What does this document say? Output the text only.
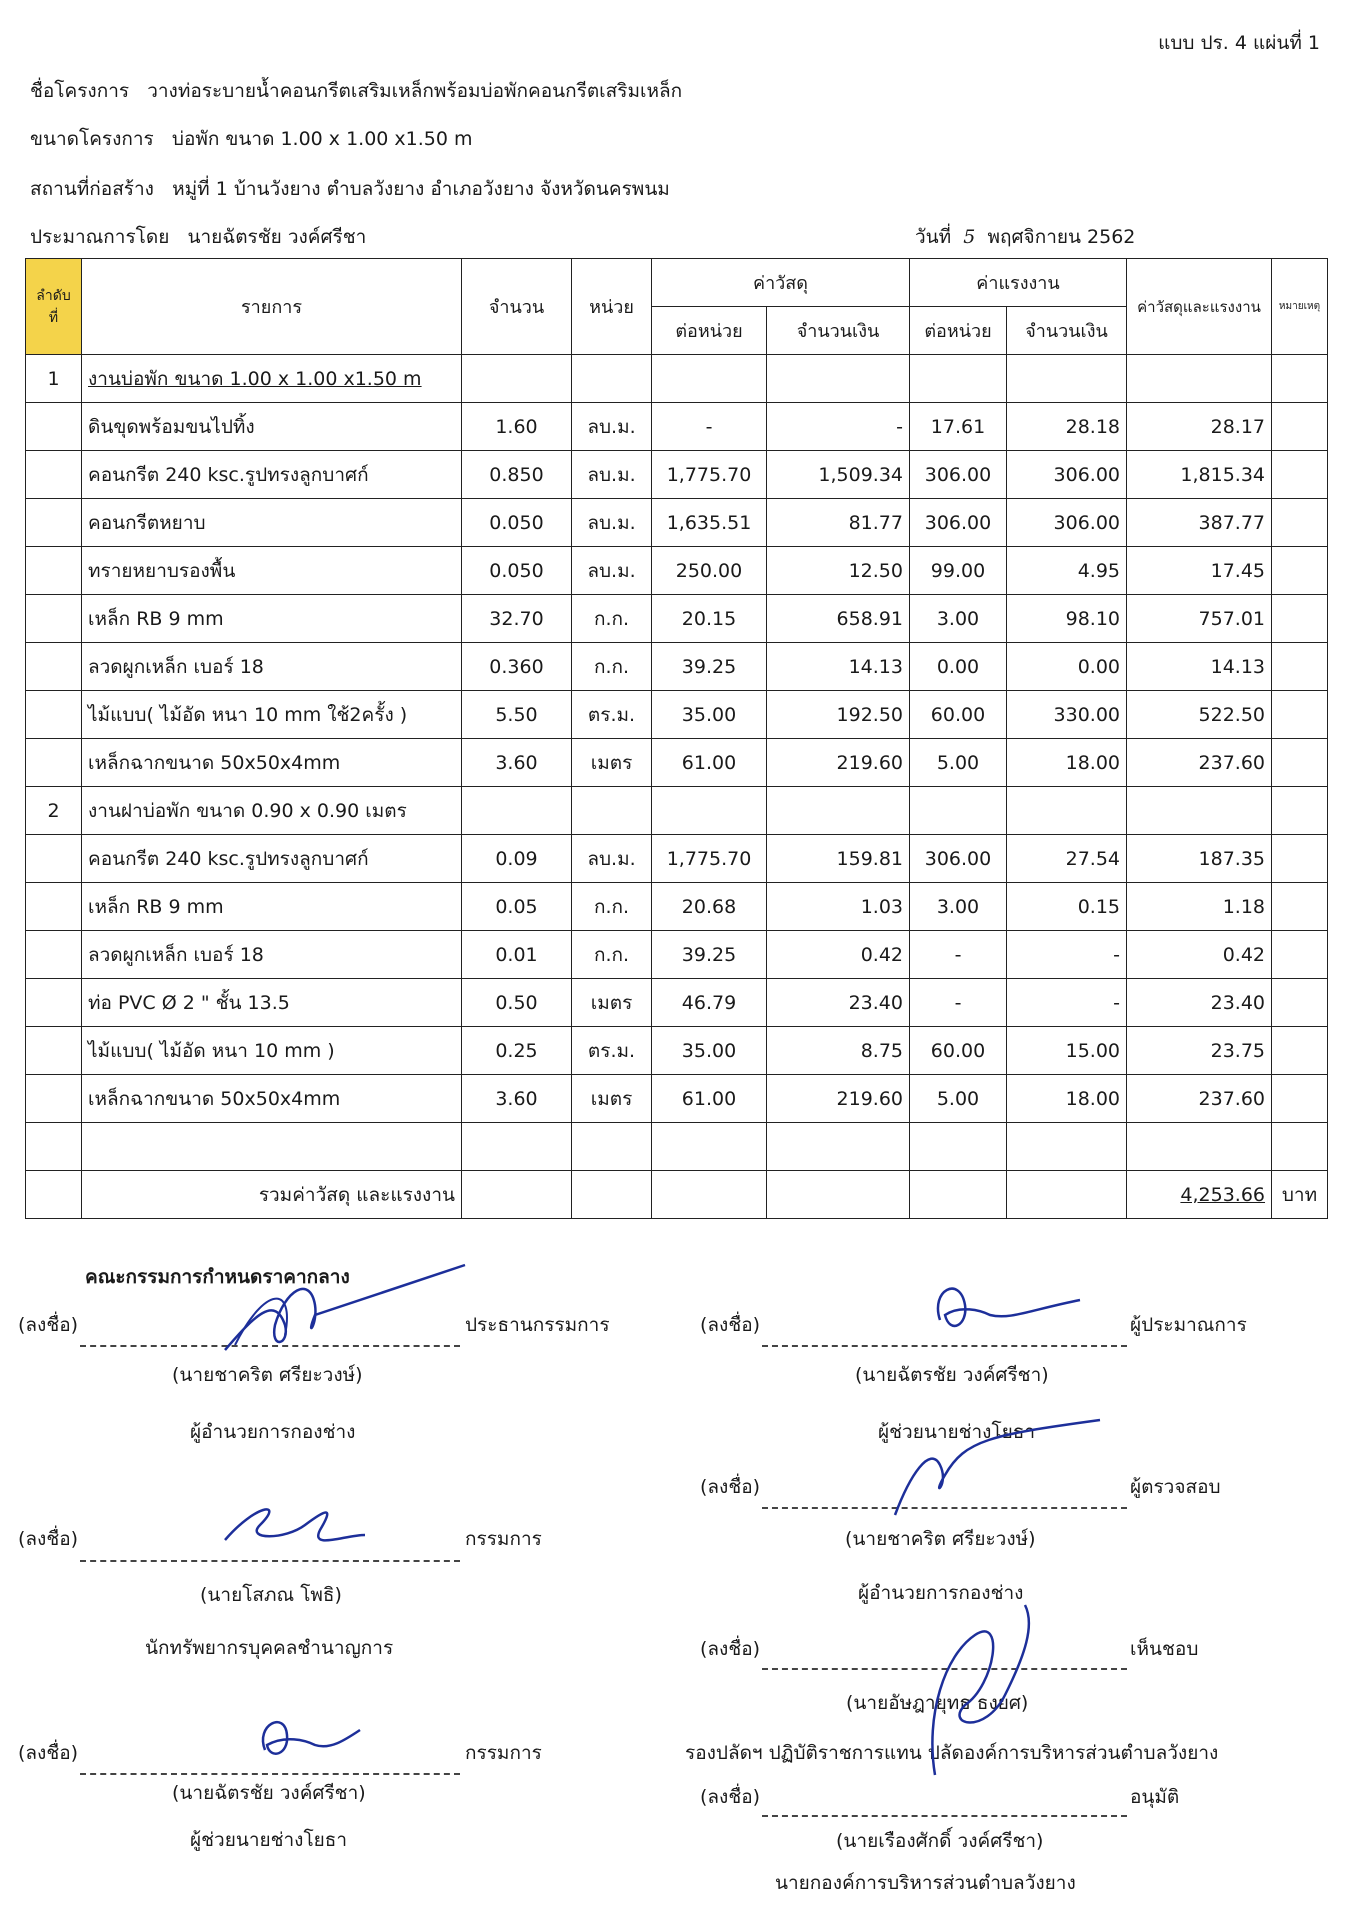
แบบ ปร. 4 แผ่นที่ 1
ชื่อโครงการ วางท่อระบายน้ำคอนกรีตเสริมเหล็กพร้อมบ่อพักคอนกรีตเสริมเหล็ก
ขนาดโครงการ บ่อพัก ขนาด 1.00 x 1.00 x1.50 m
สถานที่ก่อสร้าง หมู่ที่ 1 บ้านวังยาง ตำบลวังยาง อำเภอวังยาง จังหวัดนครพนม
ประมาณการโดย นายฉัตรชัย วงค์ศรีชา	วันที่ 5 พฤศจิกายน 2562
ลำดับที่	รายการ	จำนวน	หน่วย	ค่าวัสดุ		ค่าแรงงาน		ค่าวัสดุและแรงงาน	หมายเหตุ
				ต่อหน่วย	จำนวนเงิน	ต่อหน่วย	จำนวนเงิน		
1	งานบ่อพัก ขนาด 1.00 x 1.00 x1.50 m								
	ดินขุดพร้อมขนไปทิ้ง	1.60	ลบ.ม.	-	-	17.61	28.18	28.17	
	คอนกรีต 240 ksc.รูปทรงลูกบาศก์	0.850	ลบ.ม.	1,775.70	1,509.34	306.00	306.00	1,815.34	
	คอนกรีตหยาบ	0.050	ลบ.ม.	1,635.51	81.77	306.00	306.00	387.77	
	ทรายหยาบรองพื้น	0.050	ลบ.ม.	250.00	12.50	99.00	4.95	17.45	
	เหล็ก RB 9 mm	32.70	ก.ก.	20.15	658.91	3.00	98.10	757.01	
	ลวดผูกเหล็ก เบอร์ 18	0.360	ก.ก.	39.25	14.13	0.00	0.00	14.13	
	ไม้แบบ( ไม้อัด หนา 10 mm ใช้2ครั้ง )	5.50	ตร.ม.	35.00	192.50	60.00	330.00	522.50	
	เหล็กฉากขนาด 50x50x4mm	3.60	เมตร	61.00	219.60	5.00	18.00	237.60	
2	งานฝาบ่อพัก ขนาด 0.90 x 0.90 เมตร								
	คอนกรีต 240 ksc.รูปทรงลูกบาศก์	0.09	ลบ.ม.	1,775.70	159.81	306.00	27.54	187.35	
	เหล็ก RB 9 mm	0.05	ก.ก.	20.68	1.03	3.00	0.15	1.18	
	ลวดผูกเหล็ก เบอร์ 18	0.01	ก.ก.	39.25	0.42	-	-	0.42	
	ท่อ PVC Ø 2 " ชั้น 13.5	0.50	เมตร	46.79	23.40	-	-	23.40	
	ไม้แบบ( ไม้อัด หนา 10 mm )	0.25	ตร.ม.	35.00	8.75	60.00	15.00	23.75	
	เหล็กฉากขนาด 50x50x4mm	3.60	เมตร	61.00	219.60	5.00	18.00	237.60	

	รวมค่าวัสดุ และแรงงาน							4,253.66	บาท
คณะกรรมการกำหนดราคากลาง
(ลงชื่อ)	ประธานกรรมการ
(นายชาคริต ศรียะวงษ์)
ผู้อำนวยการกองช่าง
(ลงชื่อ)	กรรมการ
(นายโสภณ โพธิ)
นักทรัพยากรบุคคลชำนาญการ
(ลงชื่อ)	กรรมการ
(นายฉัตรชัย วงค์ศรีชา)
ผู้ช่วยนายช่างโยธา
(ลงชื่อ)	ผู้ประมาณการ
(นายฉัตรชัย วงค์ศรีชา)
ผู้ช่วยนายช่างโยธา
(ลงชื่อ)	ผู้ตรวจสอบ
(นายชาคริต ศรียะวงษ์)
ผู้อำนวยการกองช่าง
(ลงชื่อ)	เห็นชอบ
(นายอัษฎายุทธ ธงยศ)
รองปลัดฯ ปฏิบัติราชการแทน ปลัดองค์การบริหารส่วนตำบลวังยาง
(ลงชื่อ)	อนุมัติ
(นายเรืองศักดิ์ วงค์ศรีชา)
นายกองค์การบริหารส่วนตำบลวังยาง
